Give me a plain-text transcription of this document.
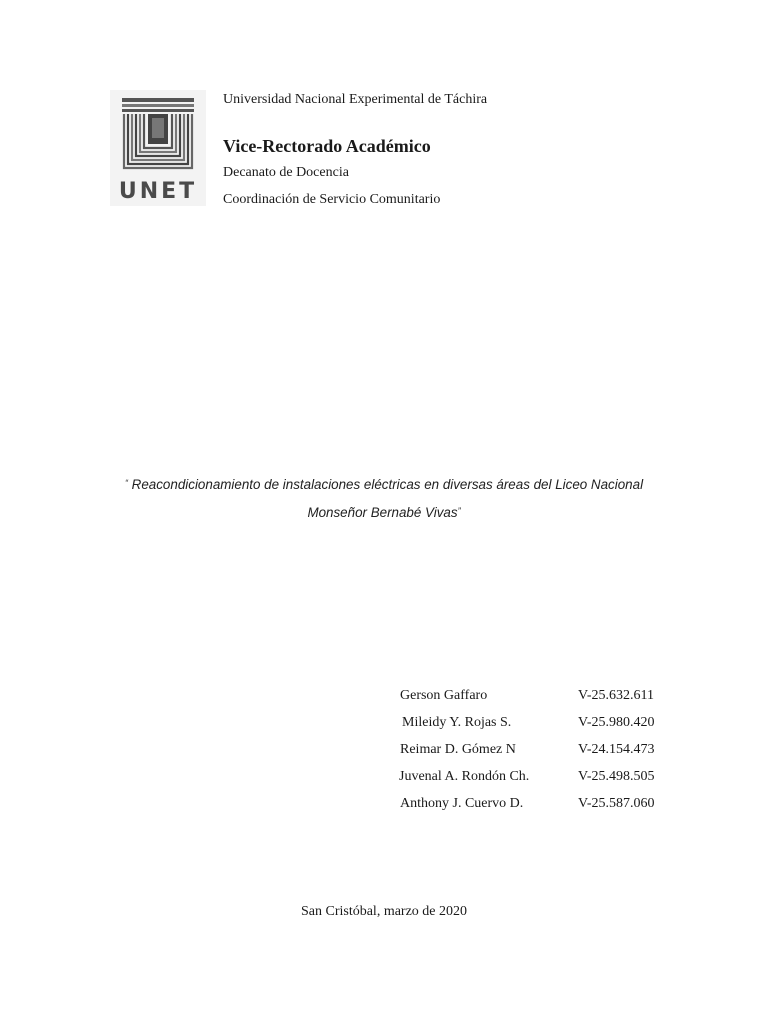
UNET
Universidad Nacional Experimental de Táchira
Vice-Rectorado Académico
Decanato de Docencia
Coordinación de Servicio Comunitario
“ Reacondicionamiento de instalaciones eléctricas en diversas áreas del Liceo Nacional
Monseñor Bernabé Vivas”
Gerson Gaffaro	V-25.632.611
Mileidy Y. Rojas S.	V-25.980.420
Reimar D. Gómez N	V-24.154.473
Juvenal A. Rondón Ch.	V-25.498.505
Anthony J. Cuervo D.	V-25.587.060
San Cristóbal, marzo de 2020
